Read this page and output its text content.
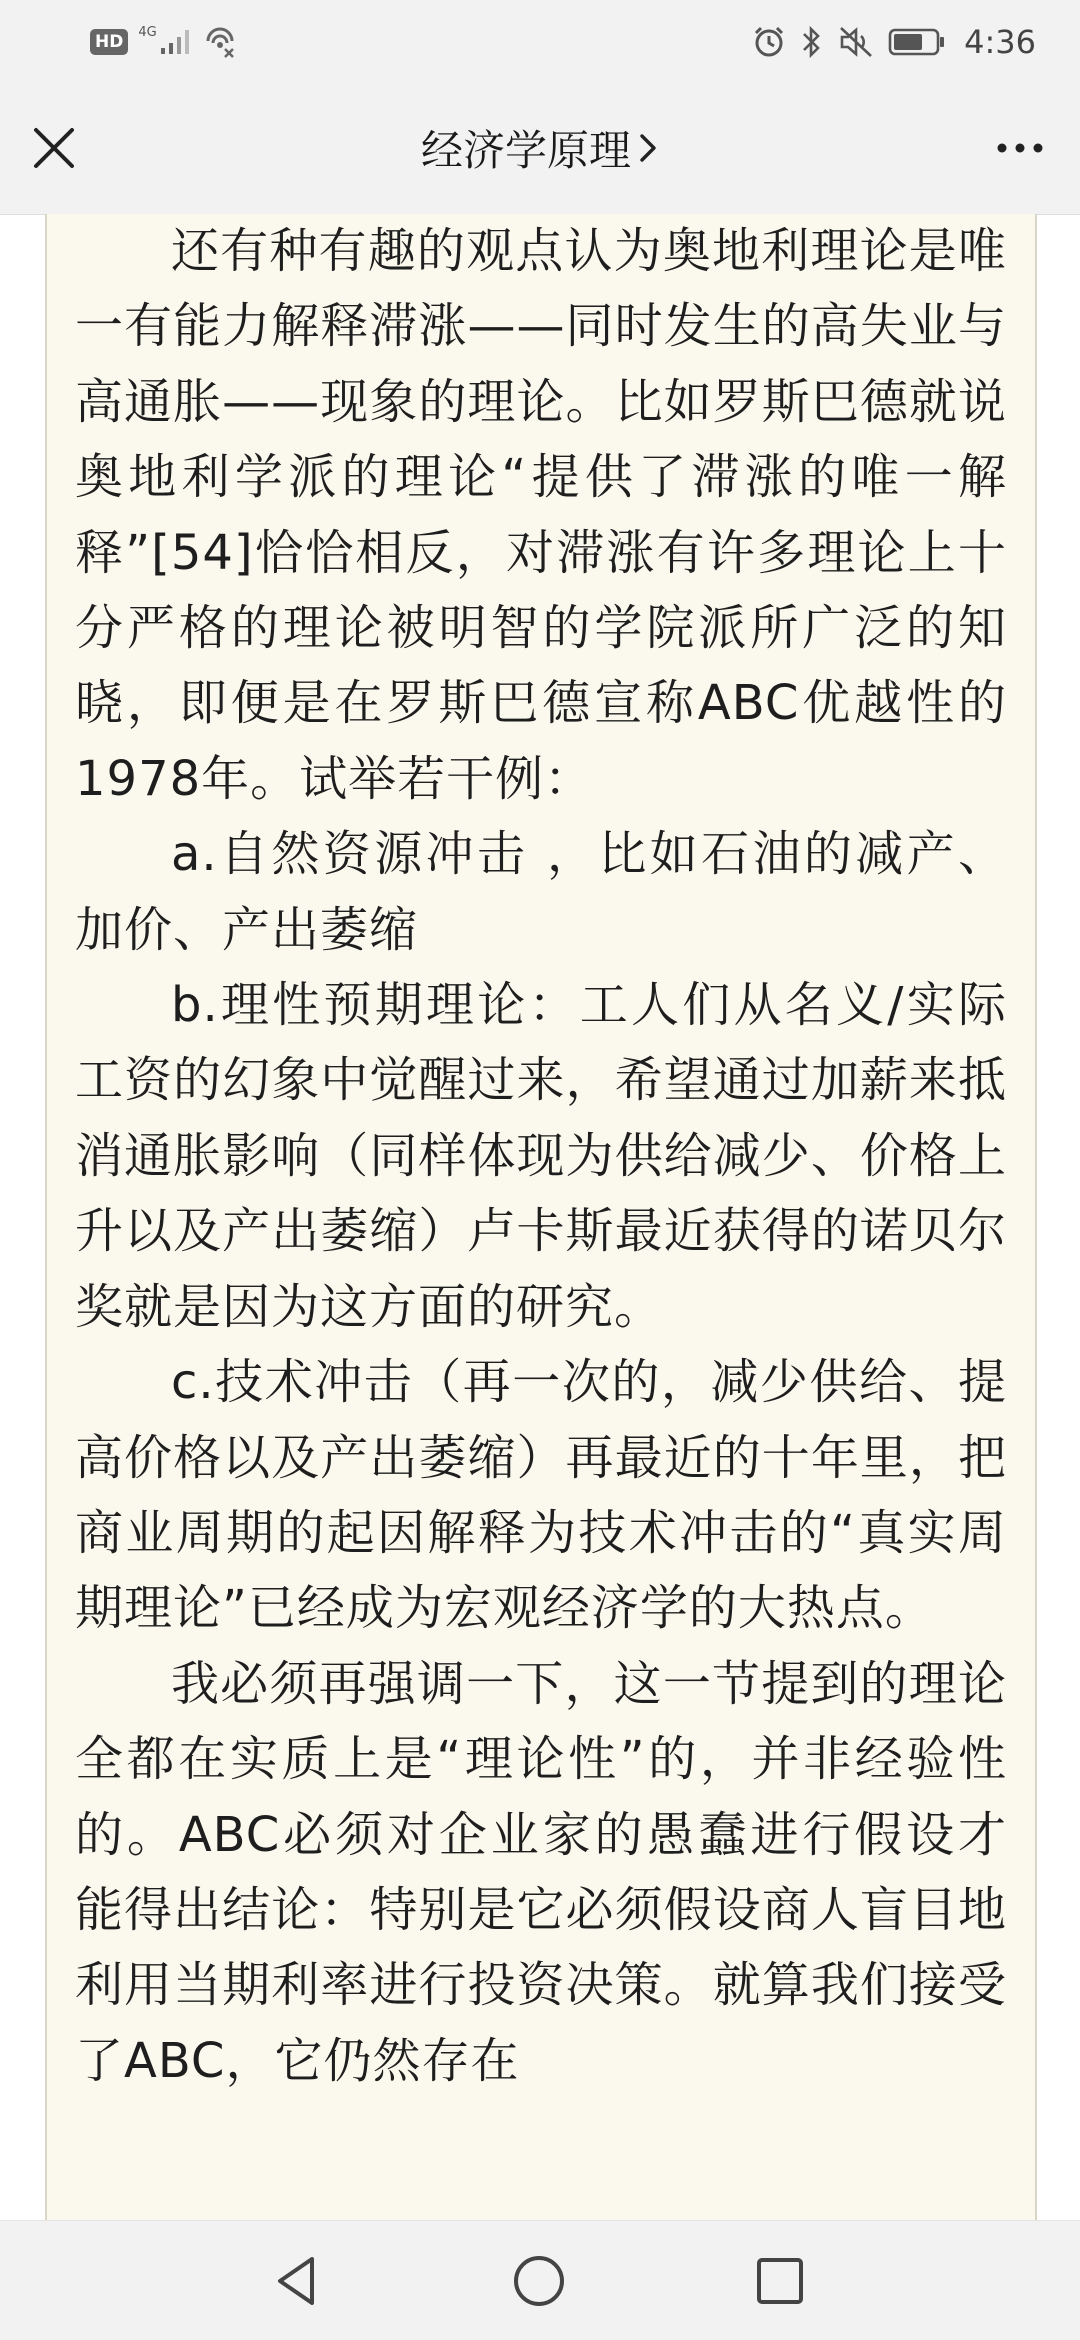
HD	4G	4:36
经济学原理

还有种有趣的观点认为奥地利理论是唯一有能力解释滞涨——同时发生的高失业与高通胀——现象的理论。比如罗斯巴德就说奥地利学派的理论“提供了滞涨的唯一解释”[54]恰恰相反，对滞涨有许多理论上十分严格的理论被明智的学院派所广泛的知晓，即便是在罗斯巴德宣称ABC优越性的1978年。试举若干例：

a.自然资源冲击 ，比如石油的减产、加价、产出萎缩

b.理性预期理论：工人们从名义/实际工资的幻象中觉醒过来，希望通过加薪来抵消通胀影响（同样体现为供给减少、价格上升以及产出萎缩）卢卡斯最近获得的诺贝尔奖就是因为这方面的研究。

c.技术冲击（再一次的，减少供给、提高价格以及产出萎缩）再最近的十年里，把商业周期的起因解释为技术冲击的“真实周期理论”已经成为宏观经济学的大热点。

我必须再强调一下，这一节提到的理论全都在实质上是“理论性”的，并非经验性的。ABC必须对企业家的愚蠢进行假设才能得出结论：特别是它必须假设商人盲目地利用当期利率进行投资决策。就算我们接受了ABC，它仍然存在
